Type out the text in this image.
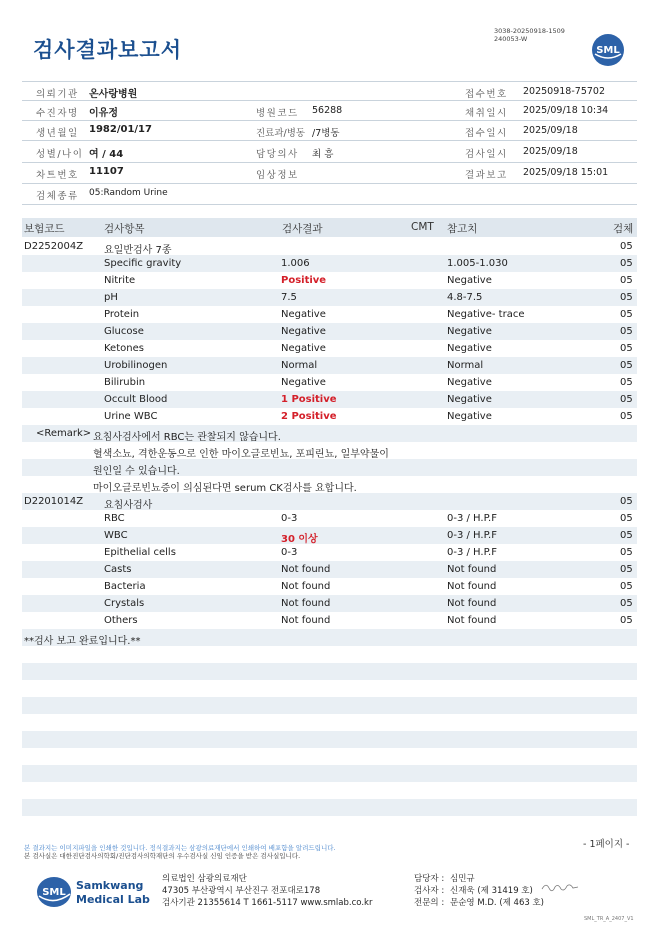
검사결과보고서
3038-20250918-1509
240053-W
SML
의뢰기관 온사랑병원
수진자명 이유정
생년월일 1982/01/17
성별/나이 여 / 44
차트번호 11107
검체종류 05:Random Urine
병원코드 56288
진료과/병동 /7병동
담당의사 최 흥
임상정보
접수번호 20250918-75702
채취일시 2025/09/18 10:34
접수일시 2025/09/18
검사일시 2025/09/18
결과보고 2025/09/18 15:01
보험코드	검사항목	검사결과	CMT 참고치	검체
D2252004Z 요일반검사 7종	05
Specific gravity	1.006	1.005-1.030	05
Nitrite	Positive	Negative	05
pH	7.5	4.8-7.5	05
Protein	Negative	Negative- trace	05
Glucose	Negative	Negative	05
Ketones	Negative	Negative	05
Urobilinogen	Normal	Normal	05
Bilirubin	Negative	Negative	05
Occult Blood	1 Positive	Negative	05
Urine WBC	2 Positive	Negative	05
<Remark> 요침사검사에서 RBC는 관찰되지 않습니다.
혈색소뇨, 격한운동으로 인한 마이오글로빈뇨, 포피린뇨, 일부약물이
원인일 수 있습니다.
마이오글로빈뇨증이 의심된다면 serum CK검사를 요합니다.
D2201014Z 요침사검사	05
RBC	0-3	0-3 / H.P.F	05
WBC	30 이상	0-3 / H.P.F	05
Epithelial cells	0-3	0-3 / H.P.F	05
Casts	Not found	Not found	05
Bacteria	Not found	Not found	05
Crystals	Not found	Not found	05
Others	Not found	Not found	05
**검사 보고 완료입니다.**
본 결과지는 이미지파일을 인쇄한 것입니다. 정식결과지는 삼광의료재단에서 인쇄하여 배포함을 알려드립니다.
본 검사실은 대한진단검사의학회/진단검사의학재단의 우수검사실 신임 인증을 받은 검사실입니다.
- 1페이지 -
SML
Samkwang
Medical Lab
의료법인 삼광의료재단
47305 부산광역시 부산진구 전포대로178
검사기관 21355614 T 1661-5117 www.smlab.co.kr
담당자 : 심민규
검사자 : 신재욱 (제 31419 호)
전문의 : 문순영 M.D. (제 463 호)
SML_TR_A_2407_V1
